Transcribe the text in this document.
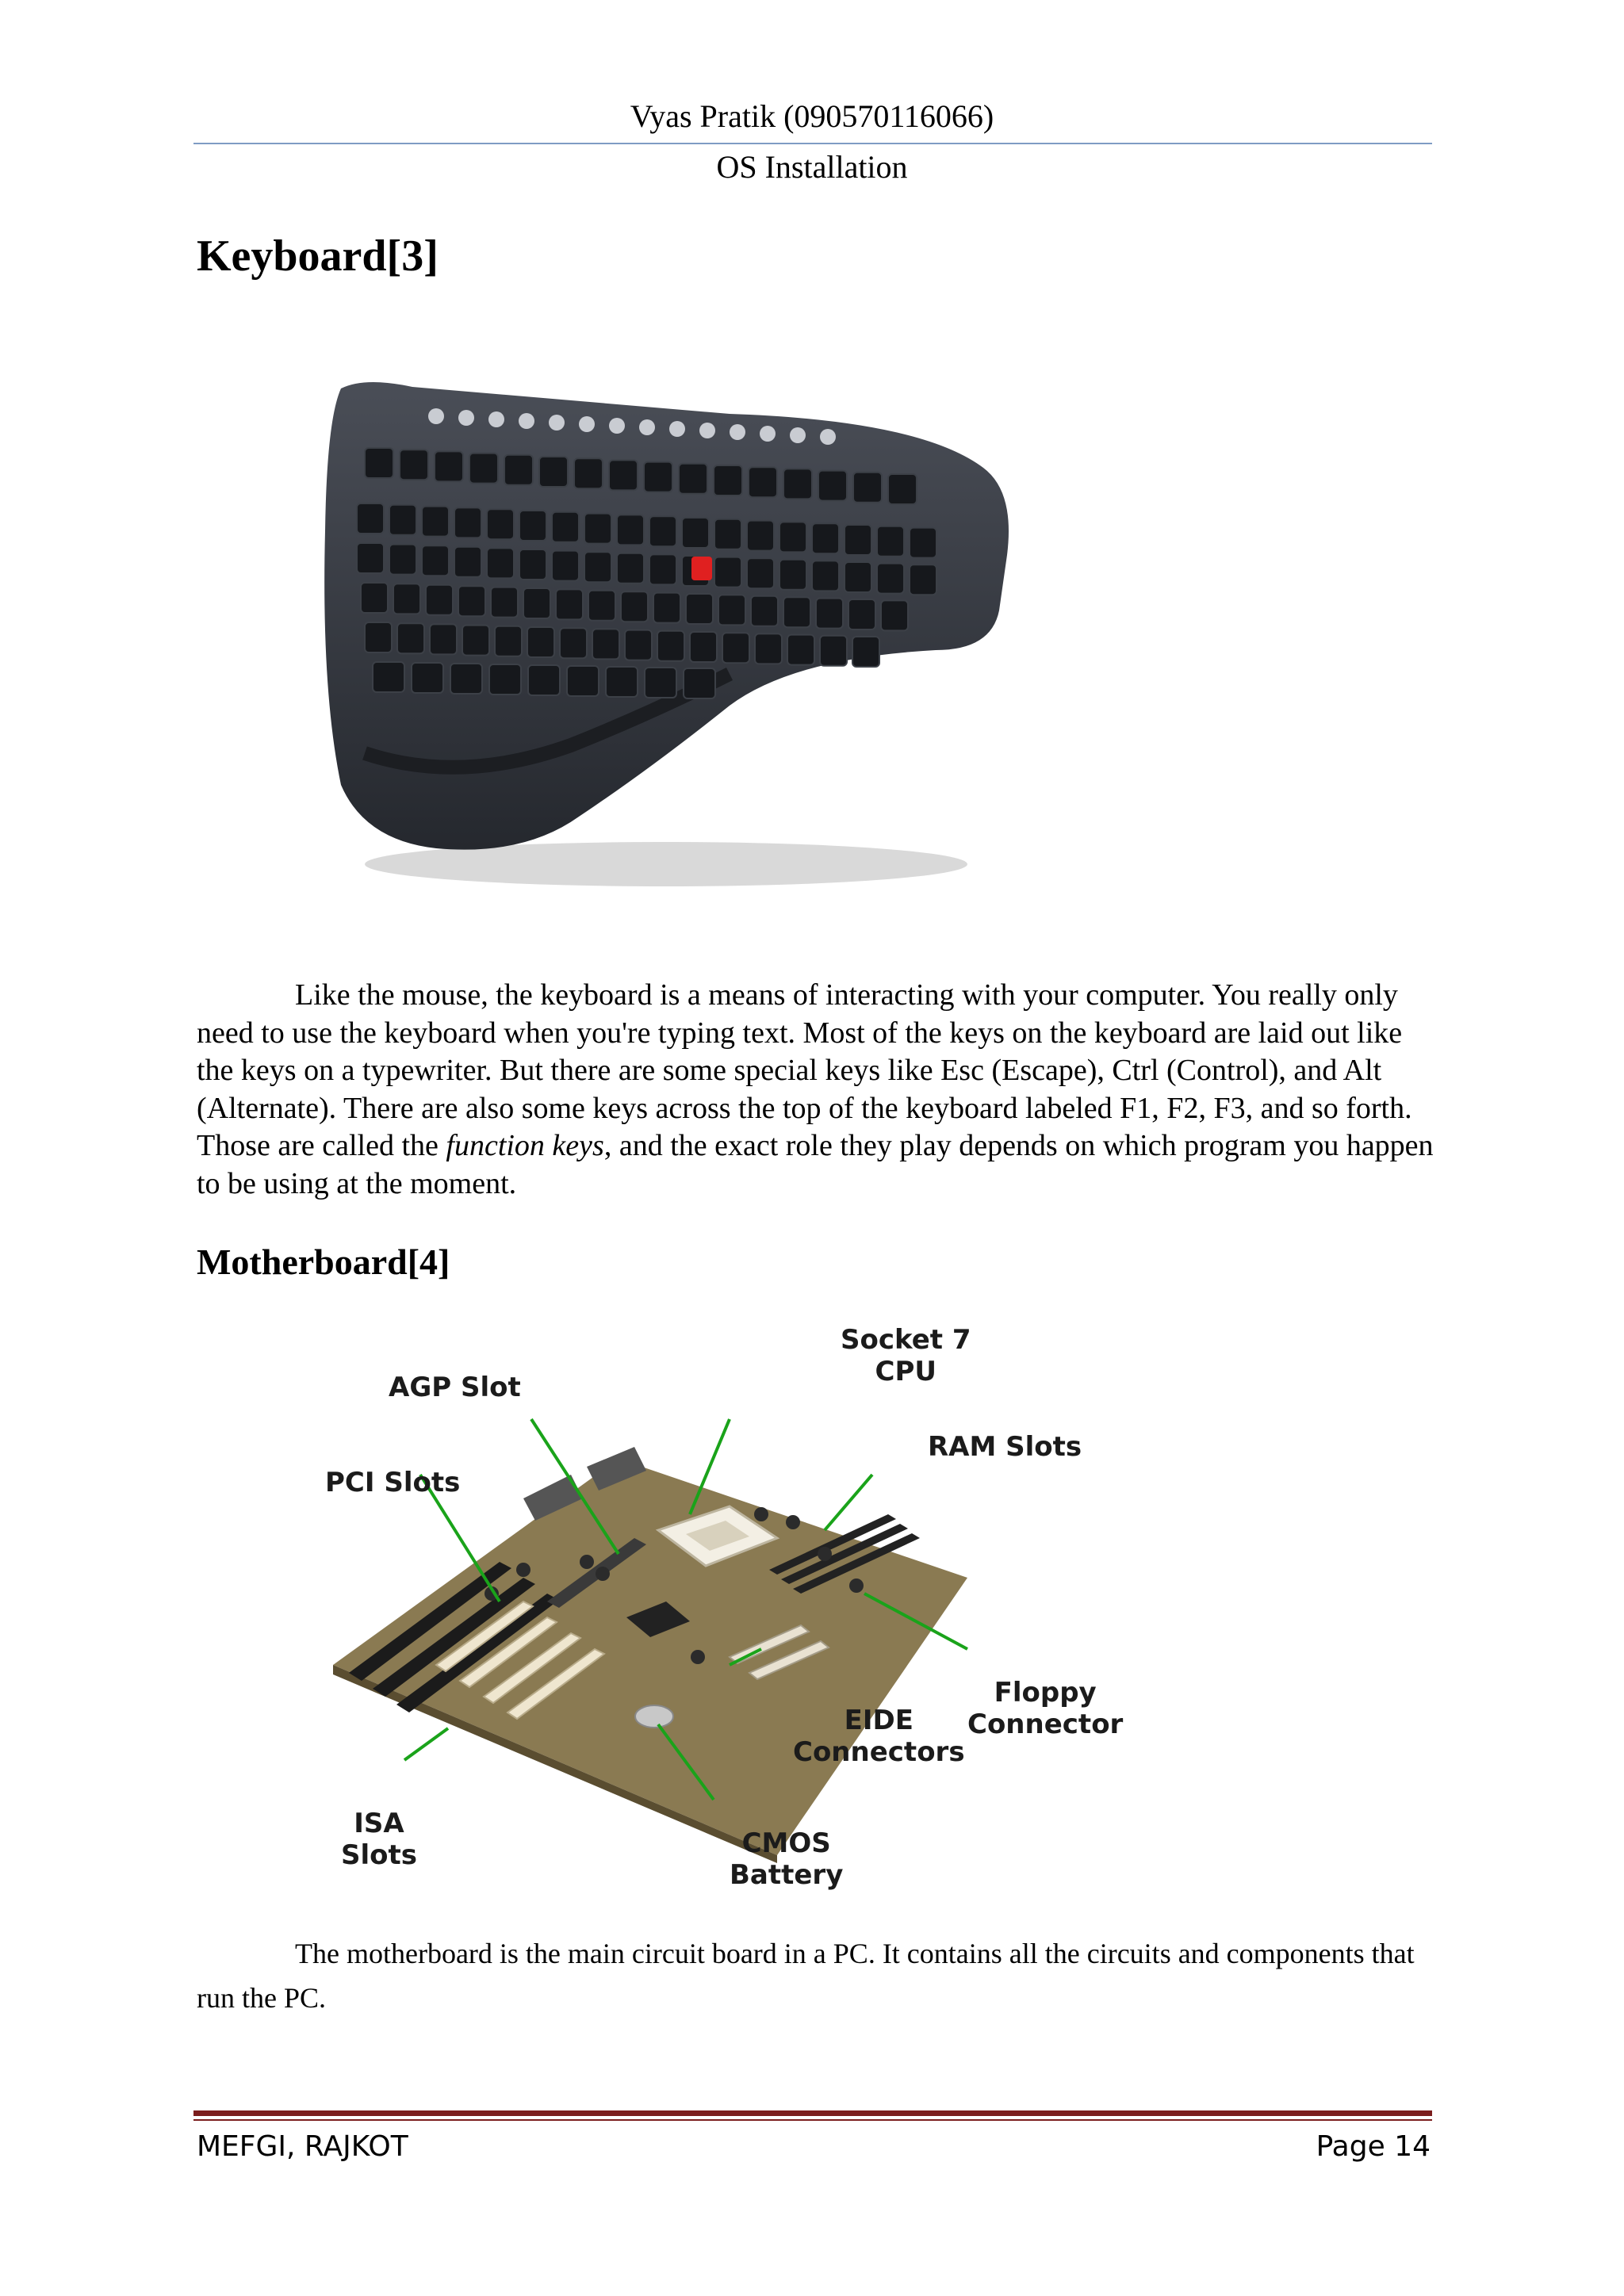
Vyas Pratik (090570116066)
OS Installation
Keyboard[3]
Like the mouse, the keyboard is a means of interacting with your computer. You really only need to use the keyboard when you're typing text. Most of the keys on the keyboard are laid out like the keys on a typewriter. But there are some special keys like Esc (Escape), Ctrl (Control), and Alt (Alternate). There are also some keys across the top of the keyboard labeled F1, F2, F3, and so forth. Those are called the function keys, and the exact role they play depends on which program you happen to be using at the moment.
Motherboard[4]
Socket 7
CPU
AGP Slot
RAM Slots
PCI Slots
Floppy
Connector
EIDE
Connectors
ISA
Slots	CMOS
Battery
The motherboard is the main circuit board in a PC. It contains all the circuits and components that run the PC.
MEFGI, RAJKOT	Page 14
